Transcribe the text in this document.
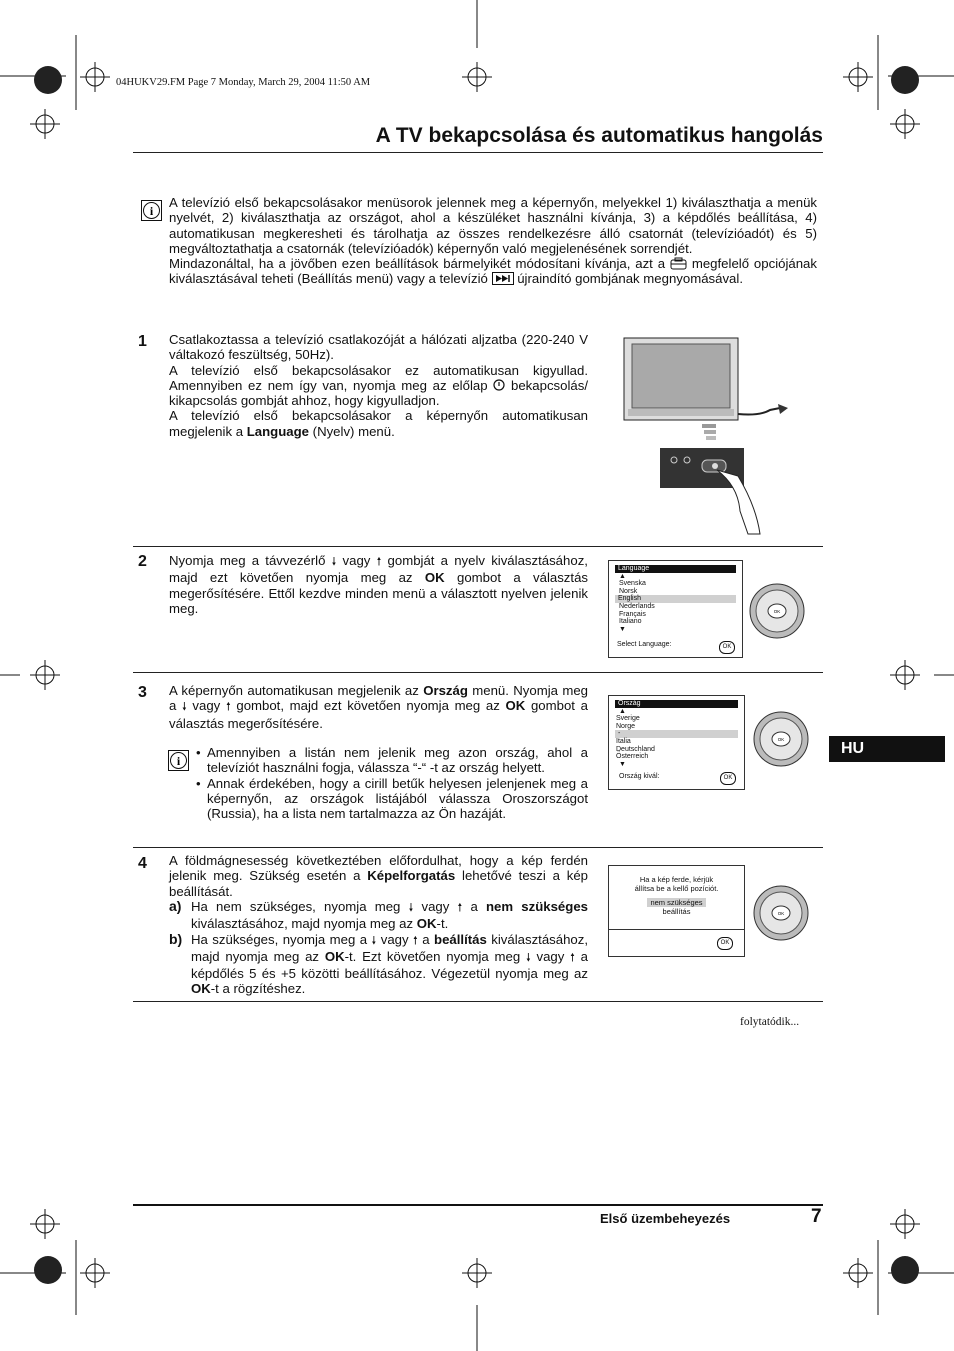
04HUKV29.FM Page 7 Monday, March 29, 2004 11:50 AM
A TV bekapcsolása és automatikus hangolás
i
A televízió első bekapcsolásakor menüsorok jelennek meg a képernyőn, melyekkel 1) kiválaszthatja a menük nyelvét, 2) kiválaszthatja az országot, ahol a készüléket használni kívánja, 3) a képdőlés beállítása, 4) automatikusan megkeresheti és tárolhatja az összes rendelkezésre álló csatornát (televízióadót) és 5) megváltoztathatja a csatornák (televízióadók) képernyőn való megjelenésének sorrendjét.
Mindazonáltal, ha a jövőben ezen beállítások bármelyikét módosítani kívánja, azt a megfelelő opciójának kiválasztásával teheti (Beállítás menü) vagy a televízió újraindító gombjának megnyomásával.
1 Csatlakoztassa a televízió csatlakozóját a hálózati aljzatba (220-240 V váltakozó feszültség, 50Hz).
A televízió első bekapcsolásakor ez automatikusan kigyullad. Amennyiben ez nem így van, nyomja meg az előlap bekapcsolás/ kikapcsolás gombját ahhoz, hogy kigyulladjon.
A televízió első bekapcsolásakor a képernyőn automatikusan megjelenik a Language (Nyelv) menü.
2 Nyomja meg a távvezérlő 🠗 vagy 🠕 gombját a nyelv kiválasztásához, majd ezt követően nyomja meg az OK gombot a választás megerősítésére. Ettől kezdve minden menü a választott nyelven jelenik meg.
Language
▲
Svenska
Norsk
English
Nederlands
Français
Italiano
▼
Select Language:	OK
OK
3 A képernyőn automatikusan megjelenik az Ország menü. Nyomja meg a 🠗 vagy 🠕 gombot, majd ezt követően nyomja meg az OK gombot a választás megerősítésére.
i
• Amennyiben a listán nem jelenik meg azon ország, ahol a televíziót használni fogja, válassza “-“ -t az ország helyett.
• Annak érdekében, hogy a cirill betűk helyesen jelenjenek meg a képernyőn, az országok listájából válassza Oroszországot (Russia), ha a lista nem tartalmazza az Ön hazáját.
Ország
▲
Sverige
Norge
-
Italia
Deutschland
Österreich
▼
Ország kivál:	OK
OK
HU
4 A földmágnesesség következtében előfordulhat, hogy a kép ferdén jelenik meg. Szükség esetén a Képelforgatás lehetővé teszi a kép beállítását.
a) Ha nem szükséges, nyomja meg 🠗 vagy 🠕 a nem szükséges kiválasztásához, majd nyomja meg az OK-t.
b) Ha szükséges, nyomja meg a 🠗 vagy 🠕 a beállítás kiválasztásához, majd nyomja meg az OK-t. Ezt követően nyomja meg 🠗 vagy 🠕 a képdőlés 5 és +5 közötti beállításához. Végezetül nyomja meg az OK-t a rögzítéshez.
Ha a kép ferde, kérjük
állítsa be a kellő pozíciót.
nem szükséges
beállítás
OK
OK
folytatódik...
Első üzembeheyezés	7
